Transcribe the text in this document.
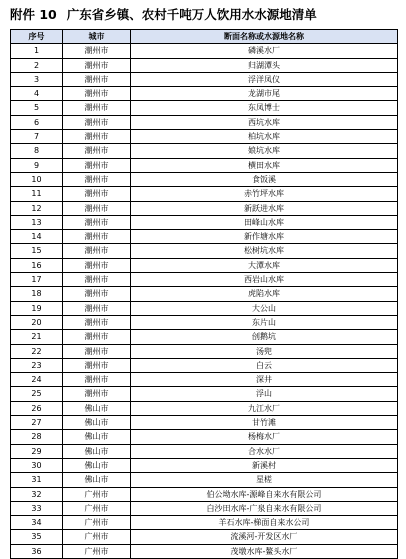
附件 10 广东省乡镇、农村千吨万人饮用水水源地清单
序号	城市	断面名称或水源地名称
1	潮州市	磷溪水厂
2	潮州市	归湖潭头
3	潮州市	浮洋凤仪
4	潮州市	龙湖市尾
5	潮州市	东凤博士
6	潮州市	西坑水库
7	潮州市	柏坑水库
8	潮州市	娘坑水库
9	潮州市	横田水库
10	潮州市	食饭溪
11	潮州市	赤竹坪水库
12	潮州市	新跃进水库
13	潮州市	田峰山水库
14	潮州市	新作塘水库
15	潮州市	松树坑水库
16	潮州市	大潭水库
17	潮州市	西岩山水库
18	潮州市	虎陷水库
19	潮州市	大公山
20	潮州市	东片山
21	潮州市	刣鹅坑
22	潮州市	汤兜
23	潮州市	白云
24	潮州市	深井
25	潮州市	浮山
26	佛山市	九江水厂
27	佛山市	甘竹滩
28	佛山市	杨梅水厂
29	佛山市	合水水厂
30	佛山市	新溪村
31	佛山市	星槎
32	广州市	伯公坳水库-源峰自来水有限公司
33	广州市	白沙田水库-广泉自来水有限公司
34	广州市	羊石水库-梯面自来水公司
35	广州市	流溪河-开发区水厂
36	广州市	茂墩水库-鳌头水厂
